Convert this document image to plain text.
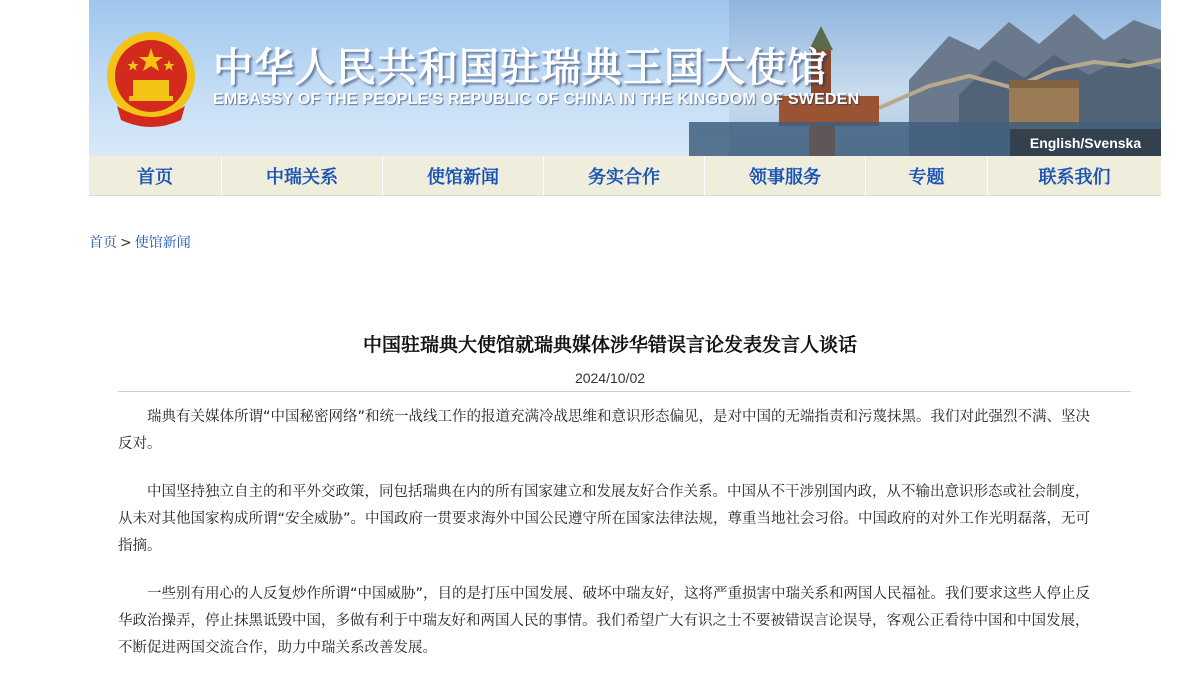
中华人民共和国驻瑞典王国大使馆
EMBASSY OF THE PEOPLE'S REPUBLIC OF CHINA IN THE KINGDOM OF SWEDEN
English/Svenska
首页	中瑞关系	使馆新闻	务实合作	领事服务	专题	联系我们
首页 > 使馆新闻
中国驻瑞典大使馆就瑞典媒体涉华错误言论发表发言人谈话
2024/10/02

瑞典有关媒体所谓“中国秘密网络”和统一战线工作的报道充满冷战思维和意识形态偏见，是对中国的无端指责和污蔑抹黑。我们对此强烈不满、坚决反对。

中国坚持独立自主的和平外交政策，同包括瑞典在内的所有国家建立和发展友好合作关系。中国从不干涉别国内政，从不输出意识形态或社会制度，从未对其他国家构成所谓“安全威胁”。中国政府一贯要求海外中国公民遵守所在国家法律法规，尊重当地社会习俗。中国政府的对外工作光明磊落，无可指摘。

一些别有用心的人反复炒作所谓“中国威胁”，目的是打压中国发展、破坏中瑞友好，这将严重损害中瑞关系和两国人民福祉。我们要求这些人停止反华政治操弄，停止抹黑诋毁中国，多做有利于中瑞友好和两国人民的事情。我们希望广大有识之士不要被错误言论误导，客观公正看待中国和中国发展，不断促进两国交流合作，助力中瑞关系改善发展。
